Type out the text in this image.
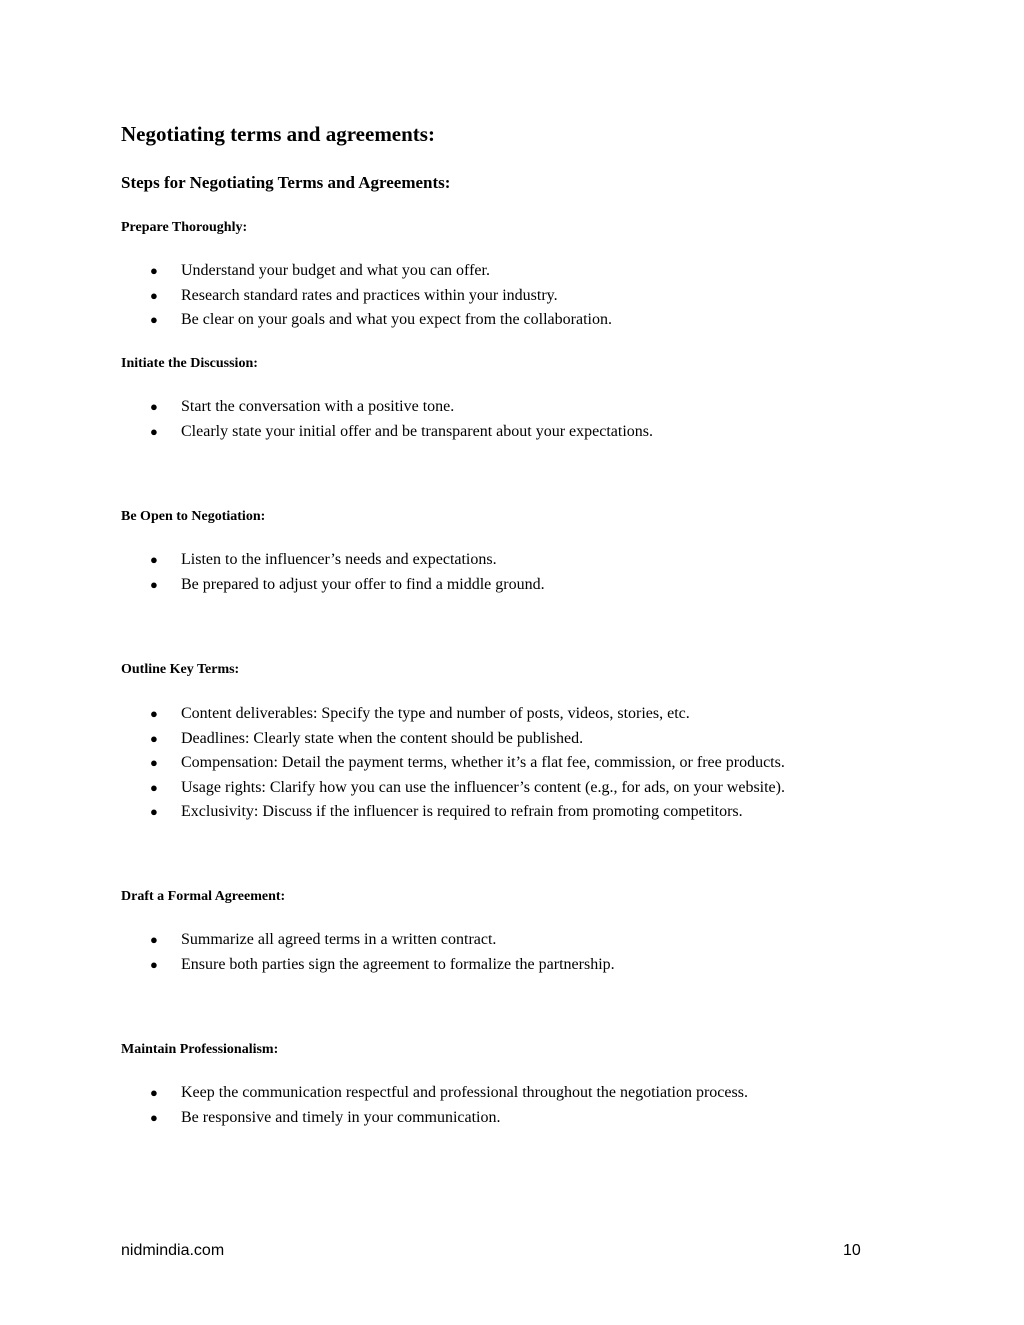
Negotiating terms and agreements:
Steps for Negotiating Terms and Agreements:
Prepare Thoroughly:
● Understand your budget and what you can offer.
● Research standard rates and practices within your industry.
● Be clear on your goals and what you expect from the collaboration.
Initiate the Discussion:
● Start the conversation with a positive tone.
● Clearly state your initial offer and be transparent about your expectations.
Be Open to Negotiation:
● Listen to the influencer’s needs and expectations.
● Be prepared to adjust your offer to find a middle ground.
Outline Key Terms:
● Content deliverables: Specify the type and number of posts, videos, stories, etc.
● Deadlines: Clearly state when the content should be published.
● Compensation: Detail the payment terms, whether it’s a flat fee, commission, or free products.
● Usage rights: Clarify how you can use the influencer’s content (e.g., for ads, on your website).
● Exclusivity: Discuss if the influencer is required to refrain from promoting competitors.
Draft a Formal Agreement:
● Summarize all agreed terms in a written contract.
● Ensure both parties sign the agreement to formalize the partnership.
Maintain Professionalism:
● Keep the communication respectful and professional throughout the negotiation process.
● Be responsive and timely in your communication.
nidmindia.com	10
